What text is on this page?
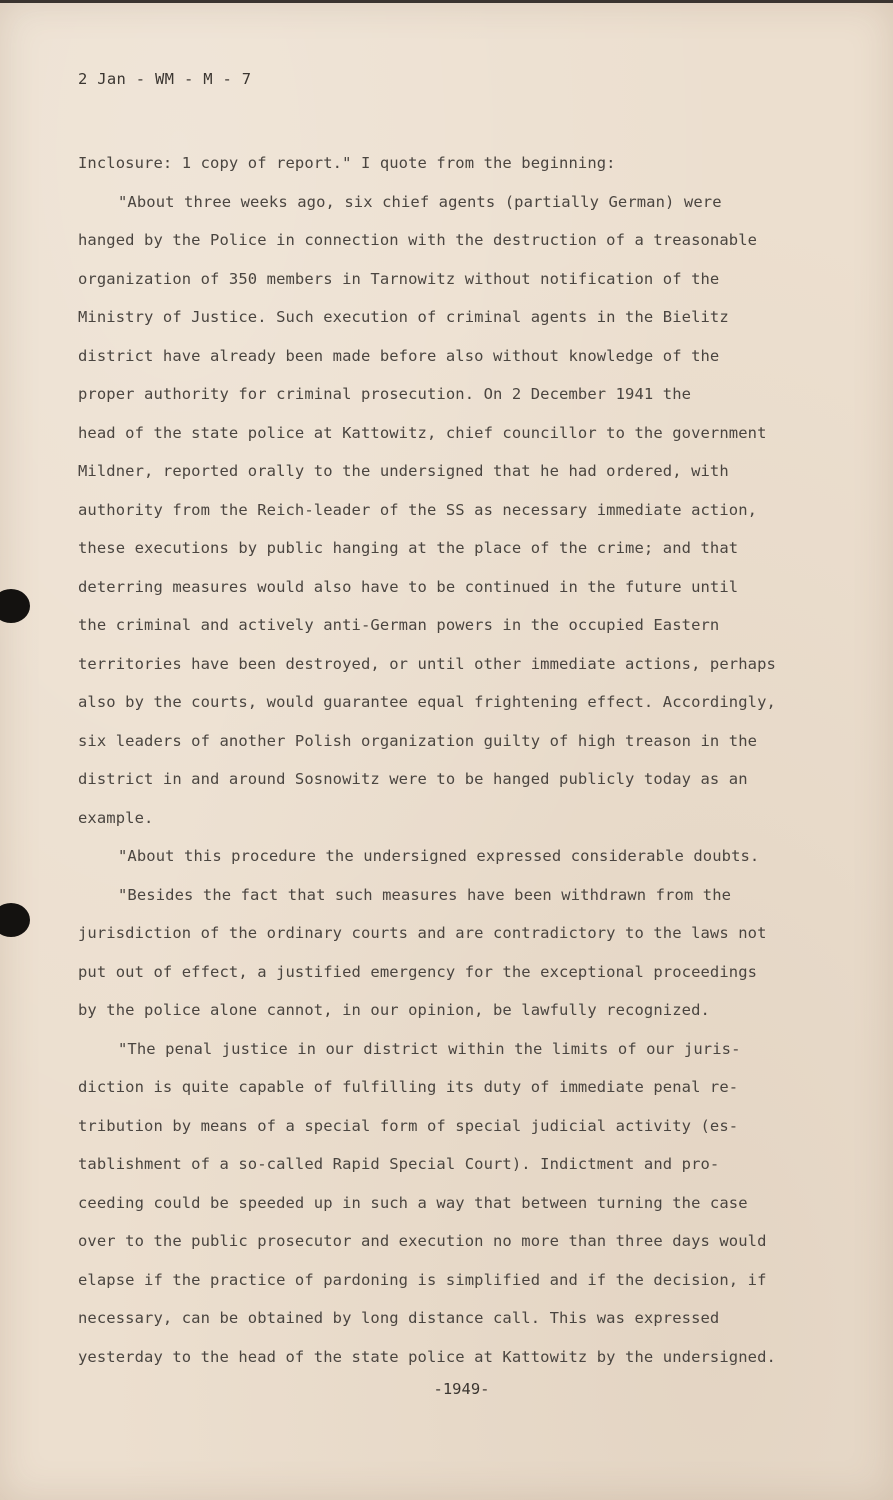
2 Jan - WM - M - 7
Inclosure: 1 copy of report." I quote from the beginning:
"About three weeks ago, six chief agents (partially German) were
hanged by the Police in connection with the destruction of a treasonable
organization of 350 members in Tarnowitz without notification of the
Ministry of Justice. Such execution of criminal agents in the Bielitz
district have already been made before also without knowledge of the
proper authority for criminal prosecution. On 2 December 1941 the
head of the state police at Kattowitz, chief councillor to the government
Mildner, reported orally to the undersigned that he had ordered, with
authority from the Reich-leader of the SS as necessary immediate action,
these executions by public hanging at the place of the crime; and that
deterring measures would also have to be continued in the future until
the criminal and actively anti-German powers in the occupied Eastern
territories have been destroyed, or until other immediate actions, perhaps
also by the courts, would guarantee equal frightening effect. Accordingly,
six leaders of another Polish organization guilty of high treason in the
district in and around Sosnowitz were to be hanged publicly today as an
example.
"About this procedure the undersigned expressed considerable doubts.
"Besides the fact that such measures have been withdrawn from the
jurisdiction of the ordinary courts and are contradictory to the laws not
put out of effect, a justified emergency for the exceptional proceedings
by the police alone cannot, in our opinion, be lawfully recognized.
"The penal justice in our district within the limits of our juris-
diction is quite capable of fulfilling its duty of immediate penal re-
tribution by means of a special form of special judicial activity (es-
tablishment of a so-called Rapid Special Court). Indictment and pro-
ceeding could be speeded up in such a way that between turning the case
over to the public prosecutor and execution no more than three days would
elapse if the practice of pardoning is simplified and if the decision, if
necessary, can be obtained by long distance call. This was expressed
yesterday to the head of the state police at Kattowitz by the undersigned.
-1949-
